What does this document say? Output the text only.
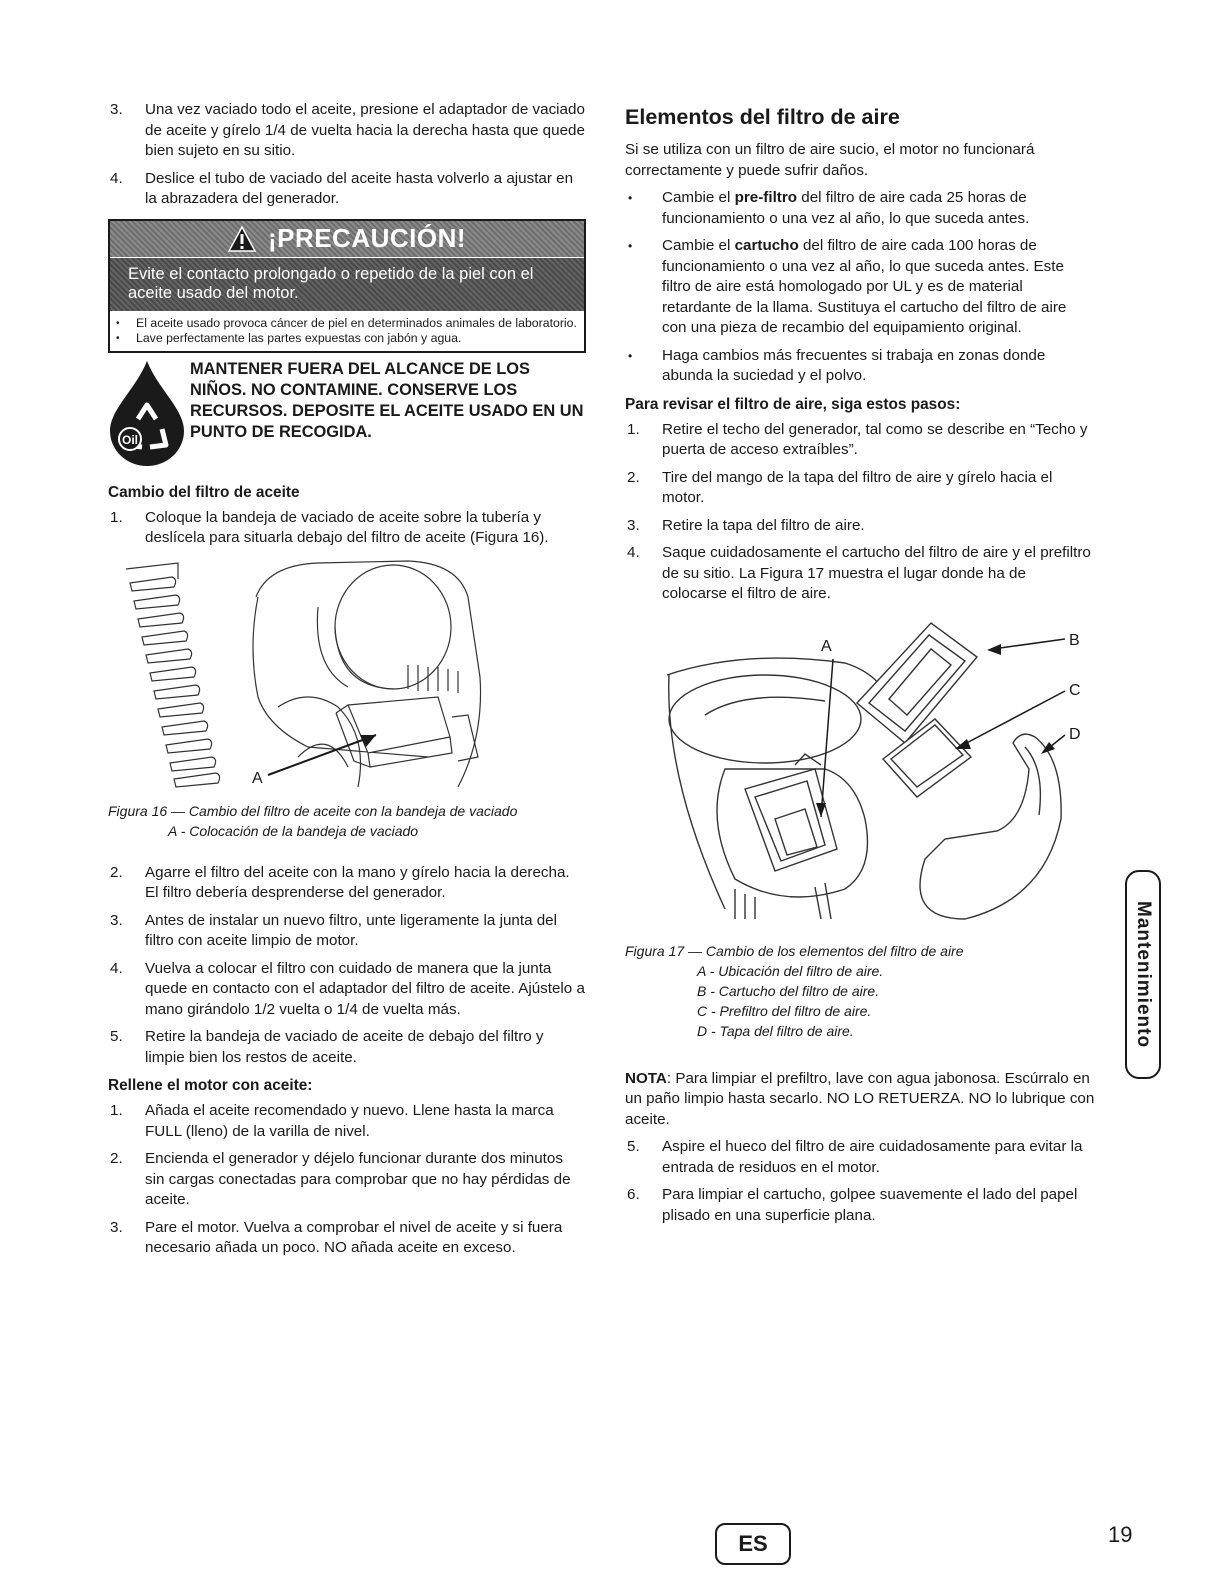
3. Una vez vaciado todo el aceite, presione el adaptador de vaciado de aceite y gírelo 1/4 de vuelta hacia la derecha hasta que quede bien sujeto en su sitio.
4. Deslice el tubo de vaciado del aceite hasta volverlo a ajustar en la abrazadera del generador.
¡PRECAUCIÓN!
Evite el contacto prolongado o repetido de la piel con el aceite usado del motor.
• El aceite usado provoca cáncer de piel en determinados animales de laboratorio.
• Lave perfectamente las partes expuestas con jabón y agua.
Oil
MANTENER FUERA DEL ALCANCE DE LOS NIÑOS. NO CONTAMINE. CONSERVE LOS RECURSOS. DEPOSITE EL ACEITE USADO EN UN PUNTO DE RECOGIDA.
Cambio del filtro de aceite
1. Coloque la bandeja de vaciado de aceite sobre la tubería y deslícela para situarla debajo del filtro de aceite (Figura 16).
A
Figura 16 — Cambio del filtro de aceite con la bandeja de vaciado
A - Colocación de la bandeja de vaciado
2. Agarre el filtro del aceite con la mano y gírelo hacia la derecha. El filtro debería desprenderse del generador.
3. Antes de instalar un nuevo filtro, unte ligeramente la junta del filtro con aceite limpio de motor.
4. Vuelva a colocar el filtro con cuidado de manera que la junta quede en contacto con el adaptador del filtro de aceite. Ajústelo a mano girándolo 1/2 vuelta o 1/4 de vuelta más.
5. Retire la bandeja de vaciado de aceite de debajo del filtro y limpie bien los restos de aceite.
Rellene el motor con aceite:
1. Añada el aceite recomendado y nuevo. Llene hasta la marca FULL (lleno) de la varilla de nivel.
2. Encienda el generador y déjelo funcionar durante dos minutos sin cargas conectadas para comprobar que no hay pérdidas de aceite.
3. Pare el motor. Vuelva a comprobar el nivel de aceite y si fuera necesario añada un poco. NO añada aceite en exceso.
Elementos del filtro de aire

Si se utiliza con un filtro de aire sucio, el motor no funcionará correctamente y puede sufrir daños.

• Cambie el pre-filtro del filtro de aire cada 25 horas de funcionamiento o una vez al año, lo que suceda antes.
• Cambie el cartucho del filtro de aire cada 100 horas de funcionamiento o una vez al año, lo que suceda antes. Este filtro de aire está homologado por UL y es de material retardante de la llama. Sustituya el cartucho del filtro de aire con una pieza de recambio del equipamiento original.
• Haga cambios más frecuentes si trabaja en zonas donde abunda la suciedad y el polvo.
Para revisar el filtro de aire, siga estos pasos:
1. Retire el techo del generador, tal como se describe en “Techo y puerta de acceso extraíbles”.
2. Tire del mango de la tapa del filtro de aire y gírelo hacia el motor.
3. Retire la tapa del filtro de aire.
4. Saque cuidadosamente el cartucho del filtro de aire y el prefiltro de su sitio. La Figura 17 muestra el lugar donde ha de colocarse el filtro de aire.
A	B
C
D
Figura 17 — Cambio de los elementos del filtro de aire
A - Ubicación del filtro de aire.
B - Cartucho del filtro de aire.
C - Prefiltro del filtro de aire.
D - Tapa del filtro de aire.

NOTA: Para limpiar el prefiltro, lave con agua jabonosa. Escúrralo en un paño limpio hasta secarlo. NO LO RETUERZA. NO lo lubrique con aceite.

5. Aspire el hueco del filtro de aire cuidadosamente para evitar la entrada de residuos en el motor.
6. Para limpiar el cartucho, golpee suavemente el lado del papel plisado en una superficie plana.
Mantenimiento
ES	19
